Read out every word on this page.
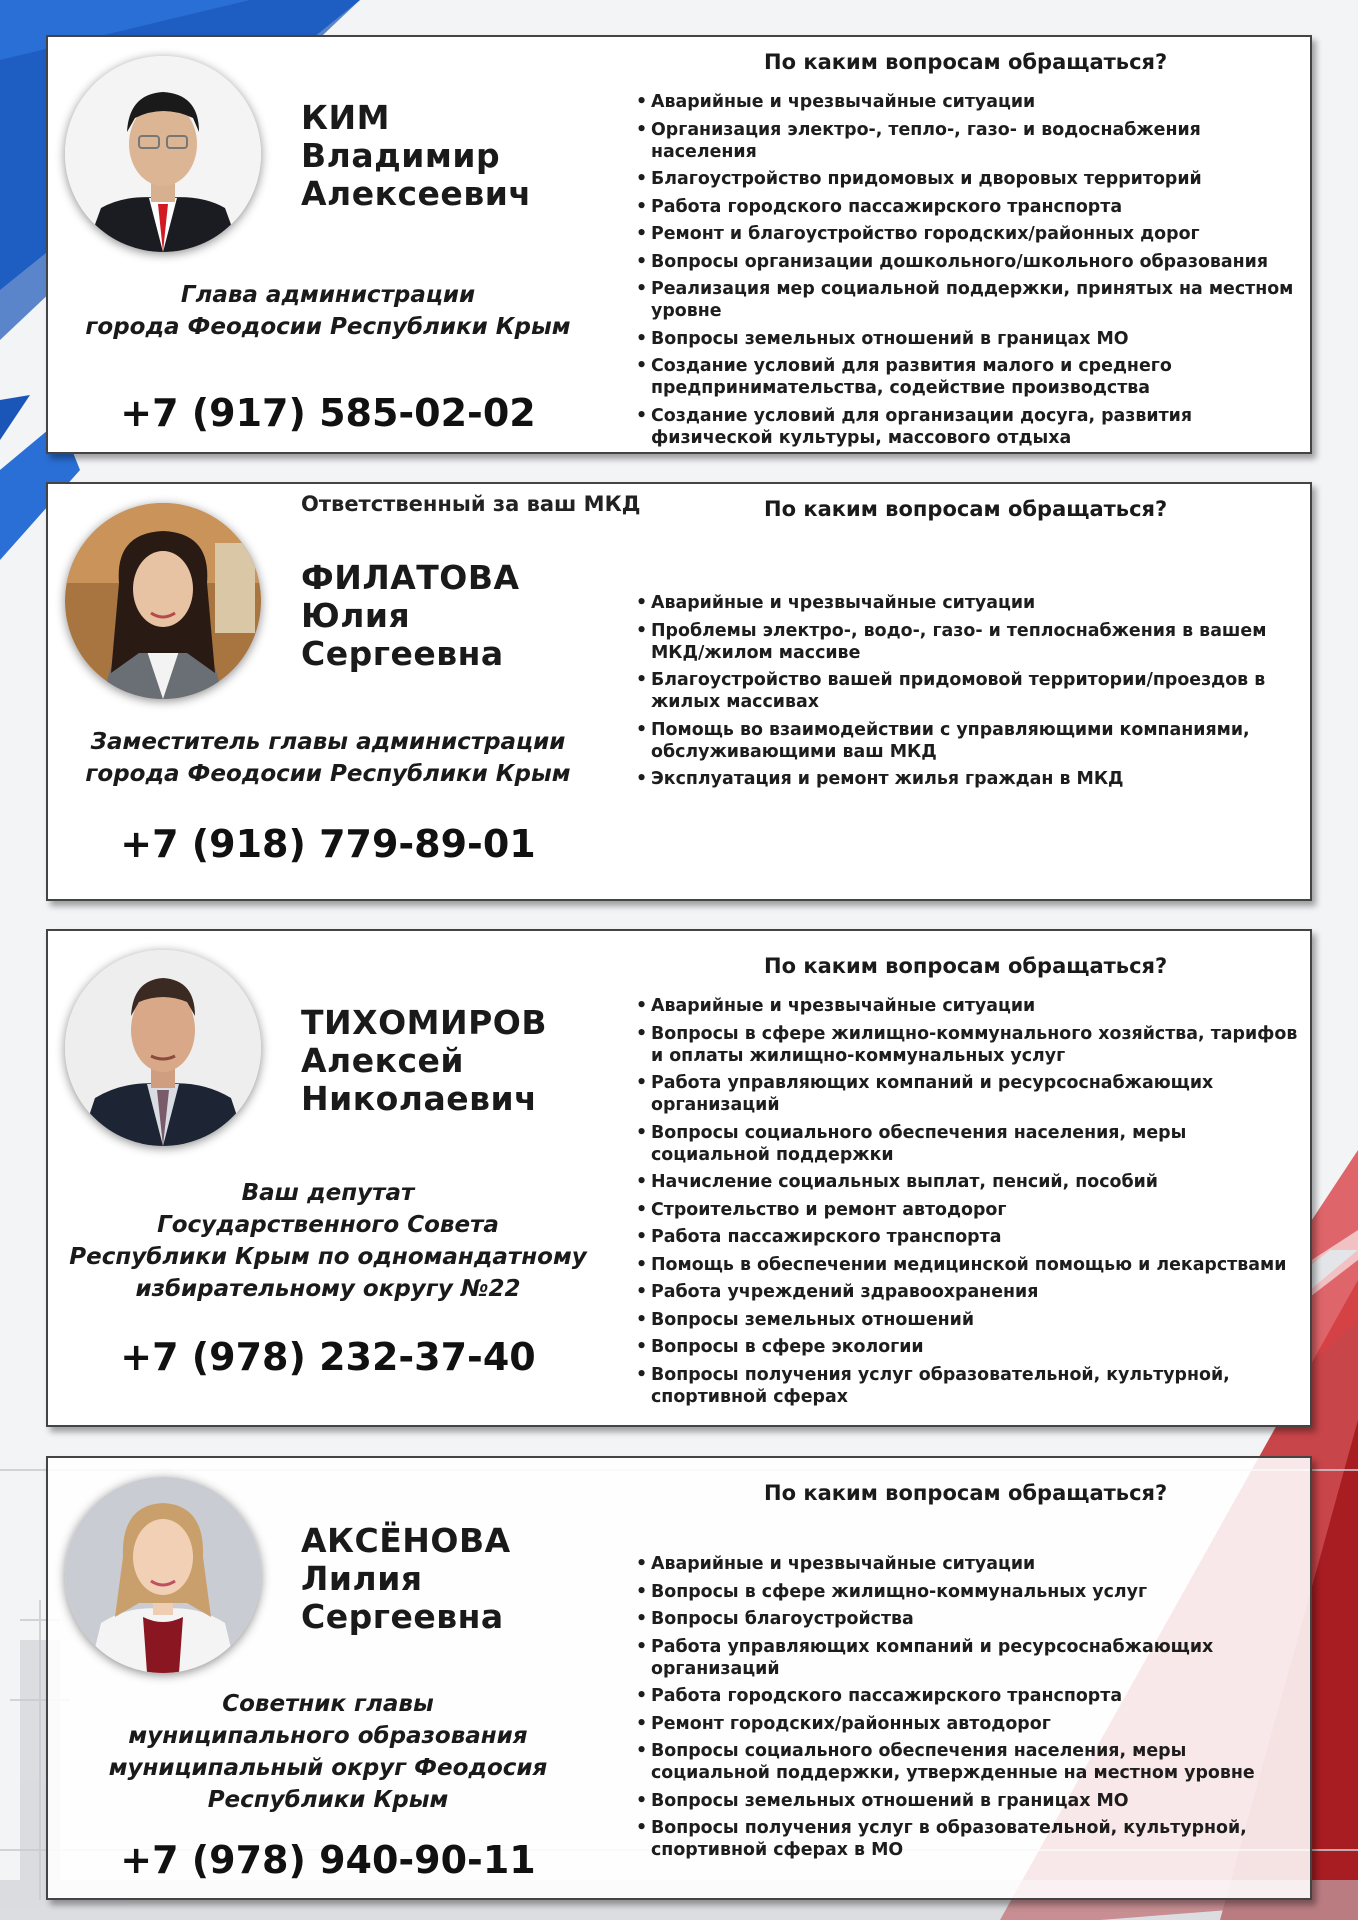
КИМ
Владимир
Алексеевич
Глава администрации
города Феодосии Республики Крым
+7 (917) 585-02-02
По каким вопросам обращаться?
• Аварийные и чрезвычайные ситуации
• Организация электро-, тепло-, газо- и водоснабжения населения
• Благоустройство придомовых и дворовых территорий
• Работа городского пассажирского транспорта
• Ремонт и благоустройство городских/районных дорог
• Вопросы организации дошкольного/школьного образования
• Реализация мер социальной поддержки, принятых на местном уровне
• Вопросы земельных отношений в границах МО
• Создание условий для развития малого и среднего предпринимательства, содействие производства
• Создание условий для организации досуга, развития физической культуры, массового отдыха
Ответственный за ваш МКД
ФИЛАТОВА
Юлия
Сергеевна
Заместитель главы администрации
города Феодосии Республики Крым
+7 (918) 779-89-01
По каким вопросам обращаться?
• Аварийные и чрезвычайные ситуации
• Проблемы электро-, водо-, газо- и теплоснабжения в вашем МКД/жилом массиве
• Благоустройство вашей придомовой территории/проездов в жилых массивах
• Помощь во взаимодействии с управляющими компаниями, обслуживающими ваш МКД
• Эксплуатация и ремонт жилья граждан в МКД
ТИХОМИРОВ
Алексей
Николаевич
Ваш депутат
Государственного Совета
Республики Крым по одномандатному
избирательному округу №22
+7 (978) 232-37-40
По каким вопросам обращаться?
• Аварийные и чрезвычайные ситуации
• Вопросы в сфере жилищно-коммунального хозяйства, тарифов и оплаты жилищно-коммунальных услуг
• Работа управляющих компаний и ресурсоснабжающих организаций
• Вопросы социального обеспечения населения, меры социальной поддержки
• Начисление социальных выплат, пенсий, пособий
• Строительство и ремонт автодорог
• Работа пассажирского транспорта
• Помощь в обеспечении медицинской помощью и лекарствами
• Работа учреждений здравоохранения
• Вопросы земельных отношений
• Вопросы в сфере экологии
• Вопросы получения услуг образовательной, культурной, спортивной сферах
АКСЁНОВА
Лилия
Сергеевна
Советник главы
муниципального образования
муниципальный округ Феодосия
Республики Крым
+7 (978) 940-90-11
По каким вопросам обращаться?
• Аварийные и чрезвычайные ситуации
• Вопросы в сфере жилищно-коммунальных услуг
• Вопросы благоустройства
• Работа управляющих компаний и ресурсоснабжающих организаций
• Работа городского пассажирского транспорта
• Ремонт городских/районных автодорог
• Вопросы социального обеспечения населения, меры социальной поддержки, утвержденные на местном уровне
• Вопросы земельных отношений в границах МО
• Вопросы получения услуг в образовательной, культурной, спортивной сферах в МО
